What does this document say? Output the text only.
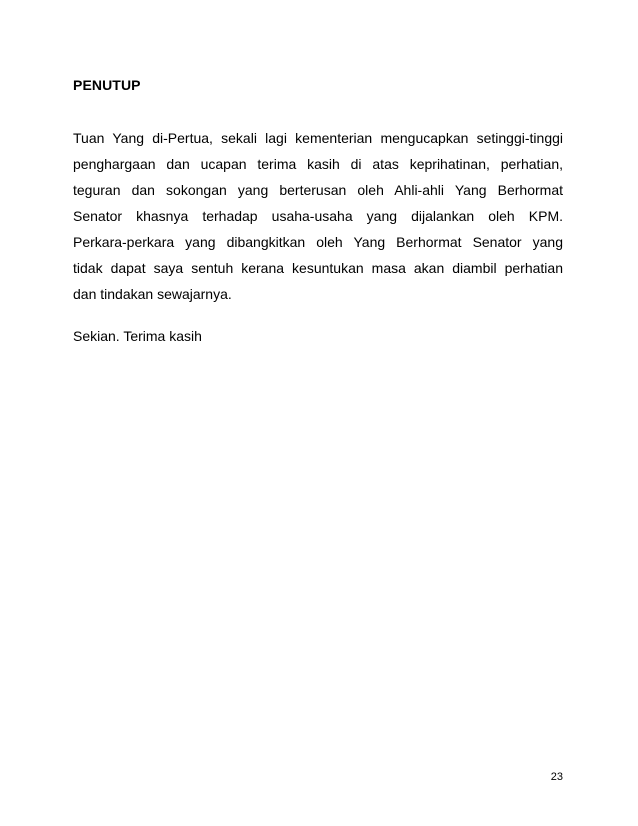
PENUTUP
Tuan Yang di-Pertua, sekali lagi kementerian mengucapkan setinggi-tinggi
penghargaan dan ucapan terima kasih di atas keprihatinan, perhatian,
teguran dan sokongan yang berterusan oleh Ahli-ahli Yang Berhormat
Senator khasnya terhadap usaha-usaha yang dijalankan oleh KPM.
Perkara-perkara yang dibangkitkan oleh Yang Berhormat Senator yang
tidak dapat saya sentuh kerana kesuntukan masa akan diambil perhatian
dan tindakan sewajarnya.
Sekian. Terima kasih
23
